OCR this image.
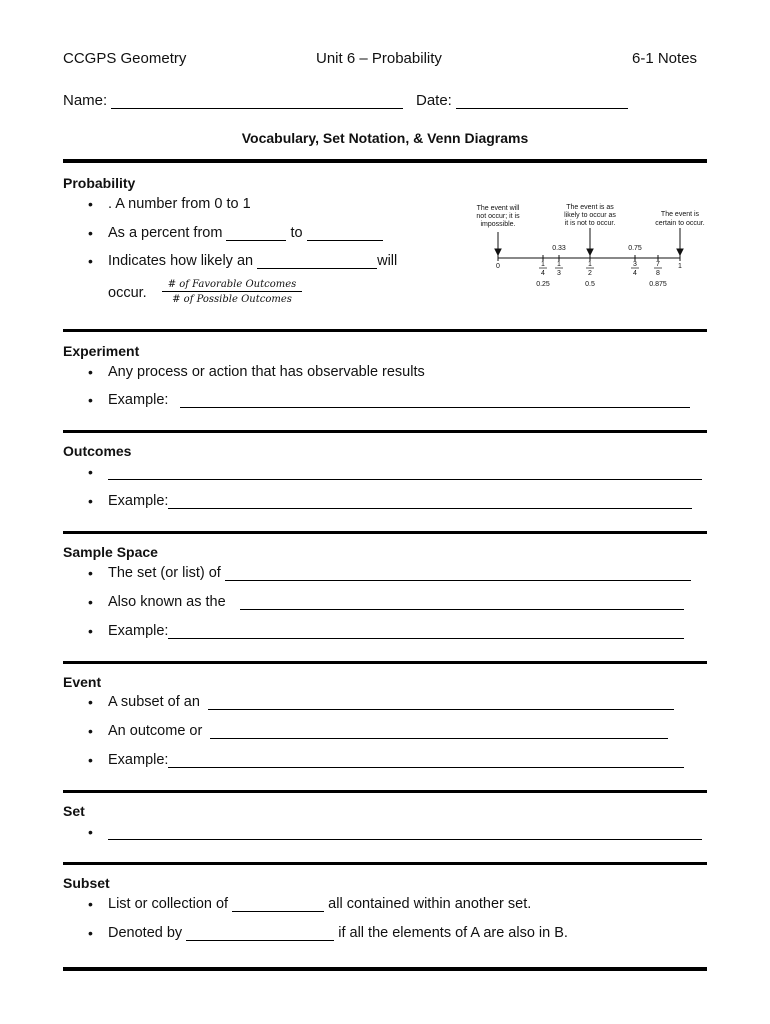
CCGPS Geometry	Unit 6 – Probability	6-1 Notes
Name:	Date:
Vocabulary, Set Notation, & Venn Diagrams
Probability
• . A number from 0 to 1
• As a percent from	to
• Indicates how likely an	will
occur.
# of Favorable Outcomes
# of Possible Outcomes
The event will
not occur; it is
impossible.
The event is as
likely to occur as
it is not to occur.
The event is
certain to occur.
0.33	0.75
0	1
1
4
1
3
1
2
3
4
7
8
0.25	0.5	0.875
Experiment
• Any process or action that has observable results
• Example:
Outcomes
•
• Example:
Sample Space
• The set (or list) of
• Also known as the
• Example:
Event
• A subset of an
• An outcome or
• Example:
Set
•
Subset
• List or collection of	all contained within another set.
• Denoted by	if all the elements of A are also in B.
